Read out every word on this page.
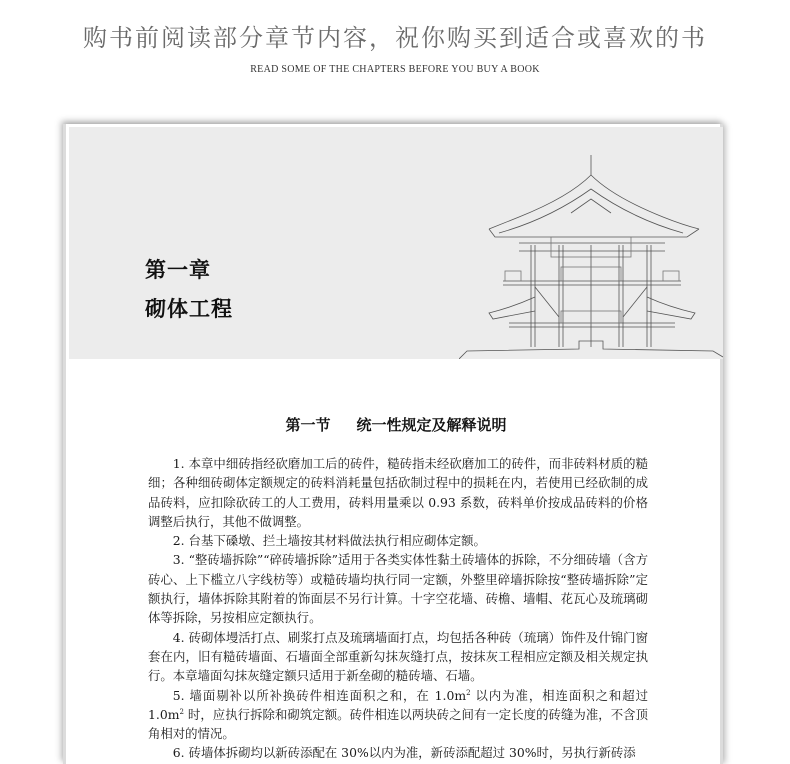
购书前阅读部分章节内容，祝你购买到适合或喜欢的书
READ SOME OF THE CHAPTERS BEFORE YOU BUY A BOOK
第一章
砌体工程
第一节 统一性规定及解释说明

1. 本章中细砖指经砍磨加工后的砖件，糙砖指未经砍磨加工的砖件，而非砖料材质的糙细；各种细砖砌体定额规定的砖料消耗量包括砍制过程中的损耗在内，若使用已经砍制的成品砖料，应扣除砍砖工的人工费用，砖料用量乘以 0.93 系数，砖料单价按成品砖料的价格调整后执行，其他不做调整。

2. 台基下磉墩、拦土墙按其材料做法执行相应砌体定额。

3. “整砖墙拆除”“碎砖墙拆除”适用于各类实体性黏土砖墙体的拆除，不分细砖墙（含方砖心、上下槛立八字线枋等）或糙砖墙均执行同一定额，外整里碎墙拆除按“整砖墙拆除”定额执行，墙体拆除其附着的饰面层不另行计算。十字空花墙、砖檐、墙帽、花瓦心及琉璃砌体等拆除，另按相应定额执行。

4. 砖砌体墁活打点、刷浆打点及琉璃墙面打点，均包括各种砖（琉璃）饰件及什锦门窗套在内，旧有糙砖墙面、石墙面全部重新勾抹灰缝打点，按抹灰工程相应定额及相关规定执行。本章墙面勾抹灰缝定额只适用于新垒砌的糙砖墙、石墙。

5. 墙面剔补以所补换砖件相连面积之和，在 $1.0m^2$ 以内为准，相连面积之和超过 $1.0m^2$ 时，应执行拆除和砌筑定额。砖件相连以两块砖之间有一定长度的砖缝为准，不含顶角相对的情况。

6. 砖墙体拆砌均以新砖添配在 30%以内为准，新砖添配超过 30%时，另执行新砖添
